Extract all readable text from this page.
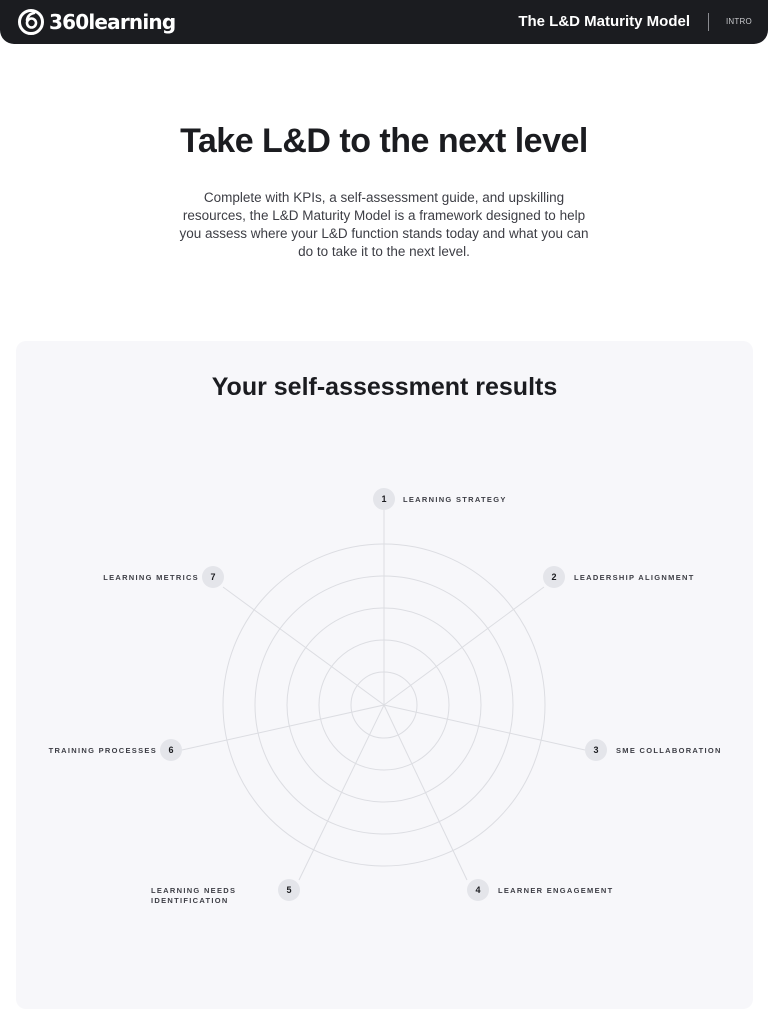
360learning	The L&D Maturity Model	INTRO
Take L&D to the next level

Complete with KPIs, a self-assessment guide, and upskilling resources, the L&D Maturity Model is a framework designed to help you assess where your L&D function stands today and what you can do to take it to the next level.

Your self-assessment results
1	LEARNING STRATEGY
2	LEADERSHIP ALIGNMENT
3	SME COLLABORATION
4	LEARNER ENGAGEMENT
5
LEARNING NEEDS IDENTIFICATION
6
TRAINING PROCESSES
7
LEARNING METRICS
